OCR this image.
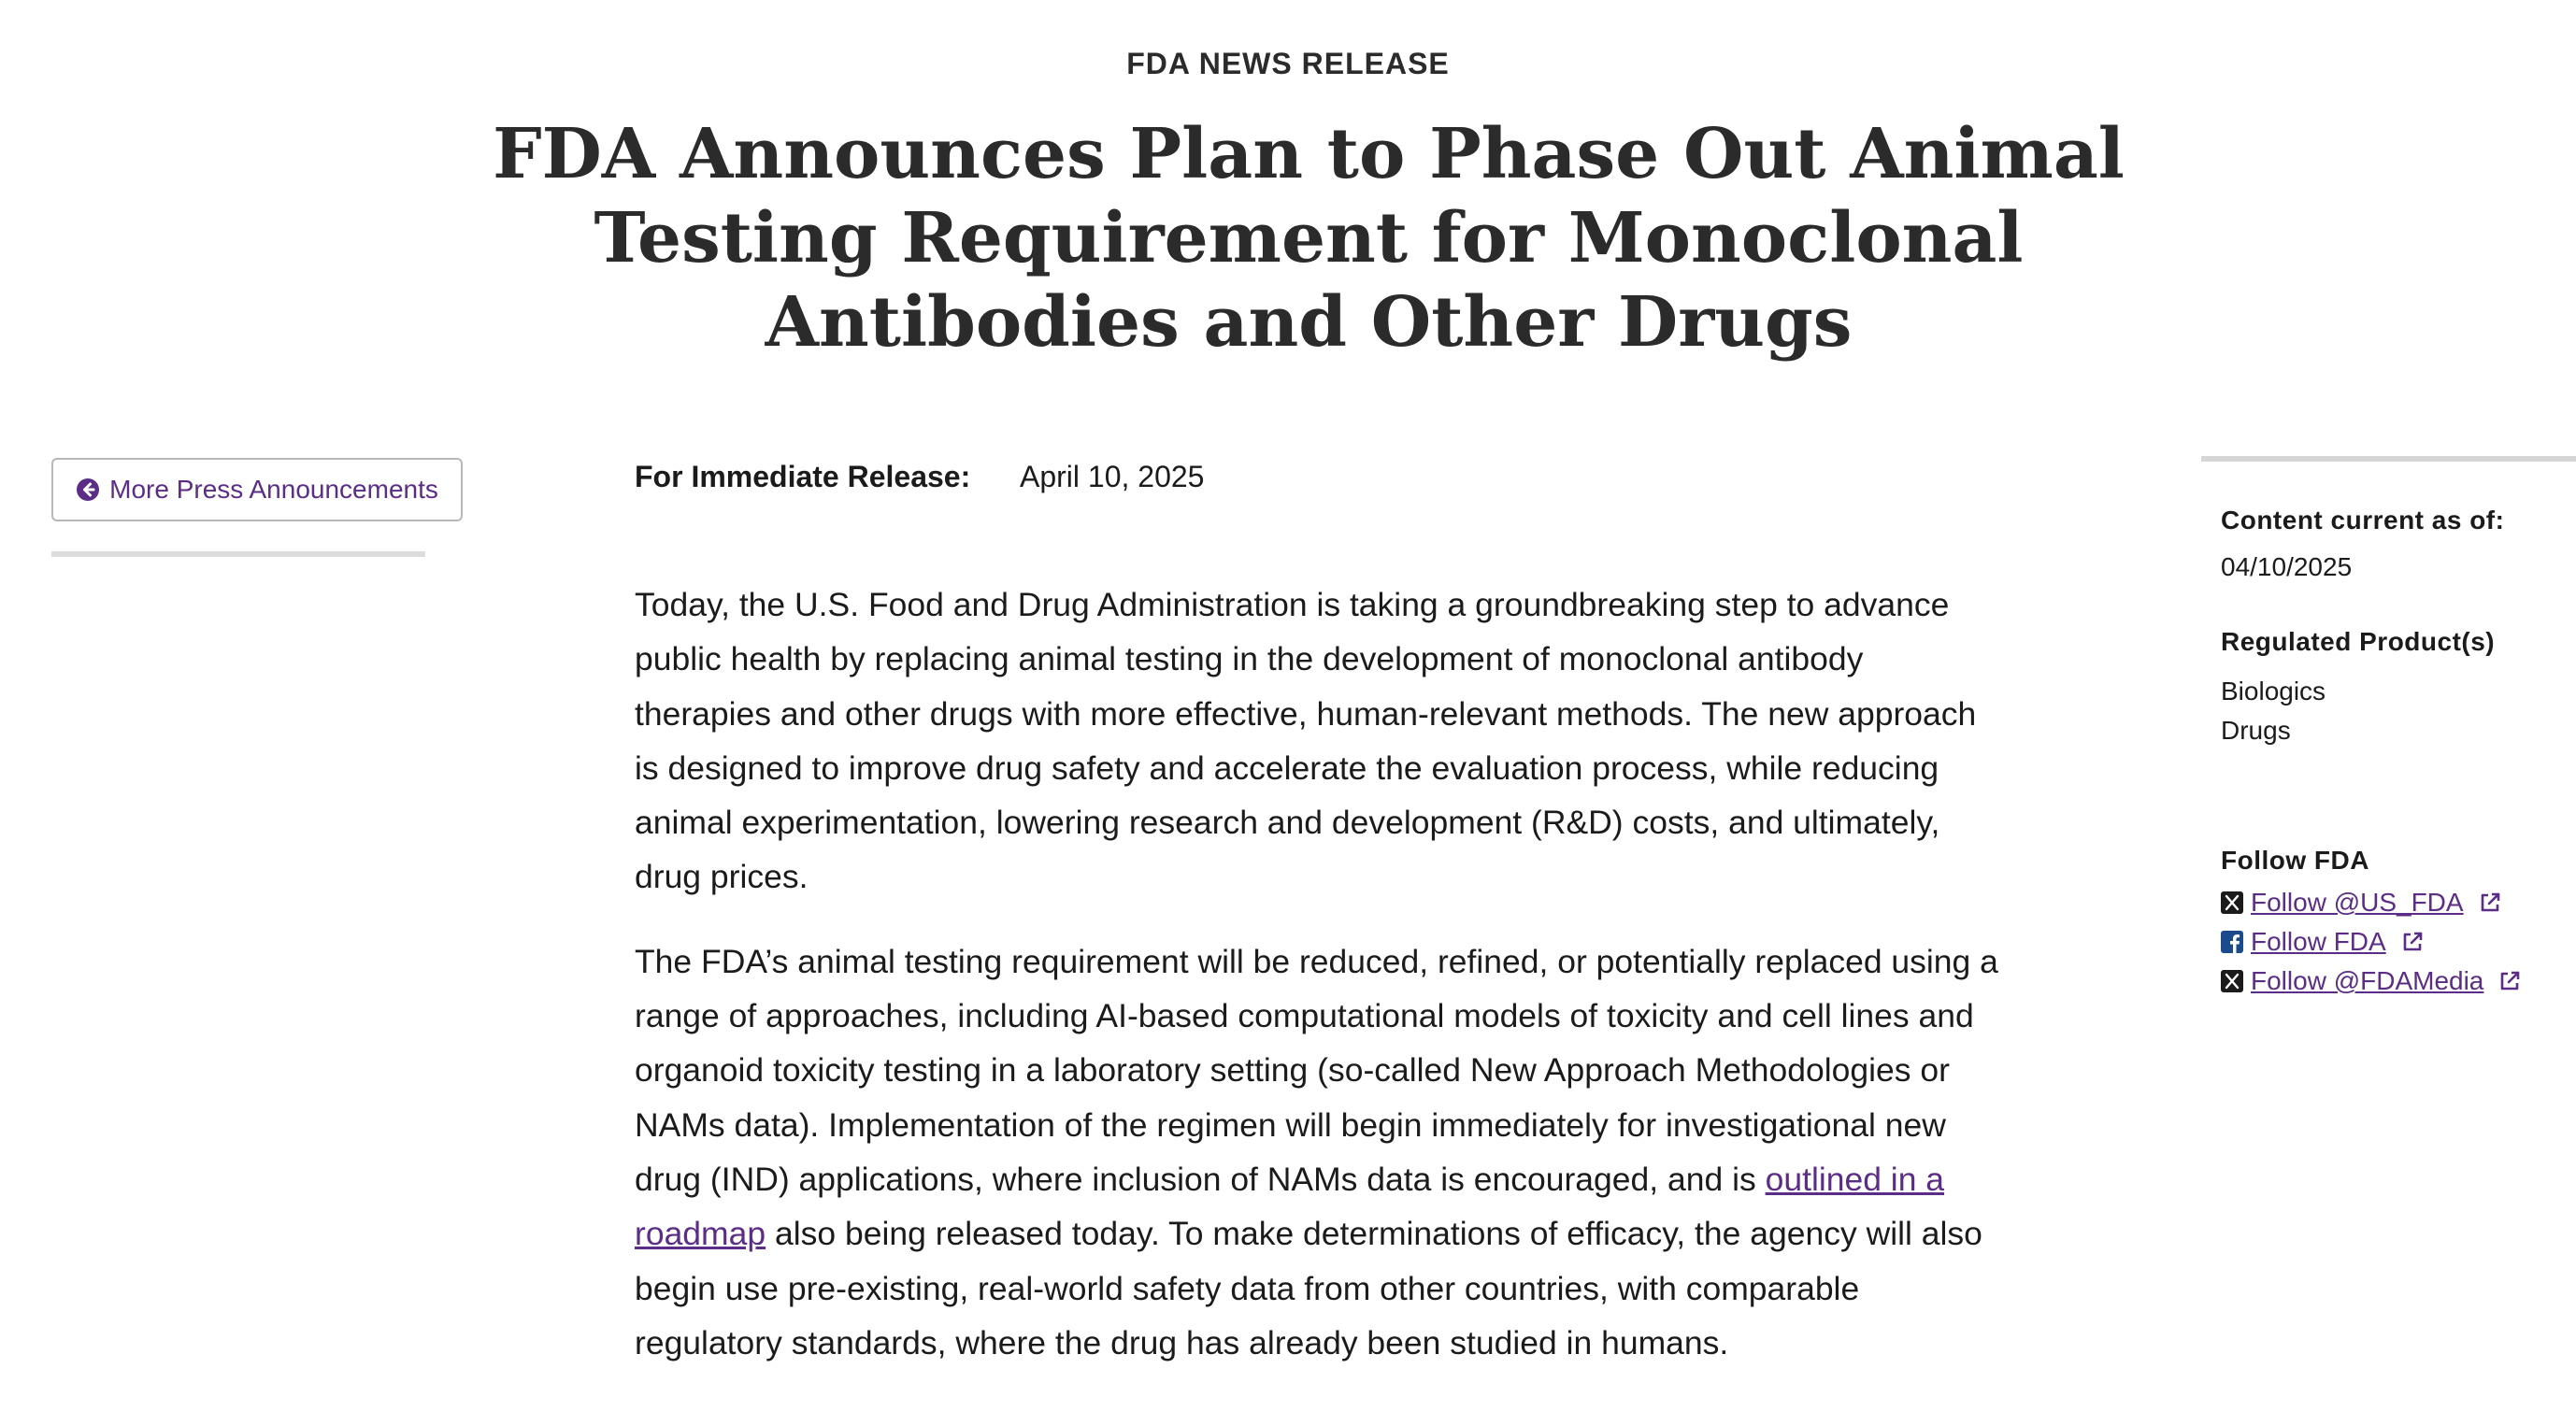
FDA NEWS RELEASE
FDA Announces Plan to Phase Out Animal Testing Requirement for Monoclonal Antibodies and Other Drugs
More Press Announcements	For Immediate Release:	April 10, 2025

Today, the U.S. Food and Drug Administration is taking a groundbreaking step to advance public health by replacing animal testing in the development of monoclonal antibody therapies and other drugs with more effective, human-relevant methods. The new approach is designed to improve drug safety and accelerate the evaluation process, while reducing animal experimentation, lowering research and development (R&D) costs, and ultimately, drug prices.

The FDA’s animal testing requirement will be reduced, refined, or potentially replaced using a range of approaches, including AI-based computational models of toxicity and cell lines and organoid toxicity testing in a laboratory setting (so-called New Approach Methodologies or NAMs data). Implementation of the regimen will begin immediately for investigational new drug (IND) applications, where inclusion of NAMs data is encouraged, and is outlined in a roadmap also being released today. To make determinations of efficacy, the agency will also begin use pre-existing, real-world safety data from other countries, with comparable regulatory standards, where the drug has already been studied in humans.

Content current as of:

04/10/2025

Regulated Product(s)

Biologics

Drugs

Follow FDA

Follow @US_FDA
Follow FDA
Follow @FDAMedia
